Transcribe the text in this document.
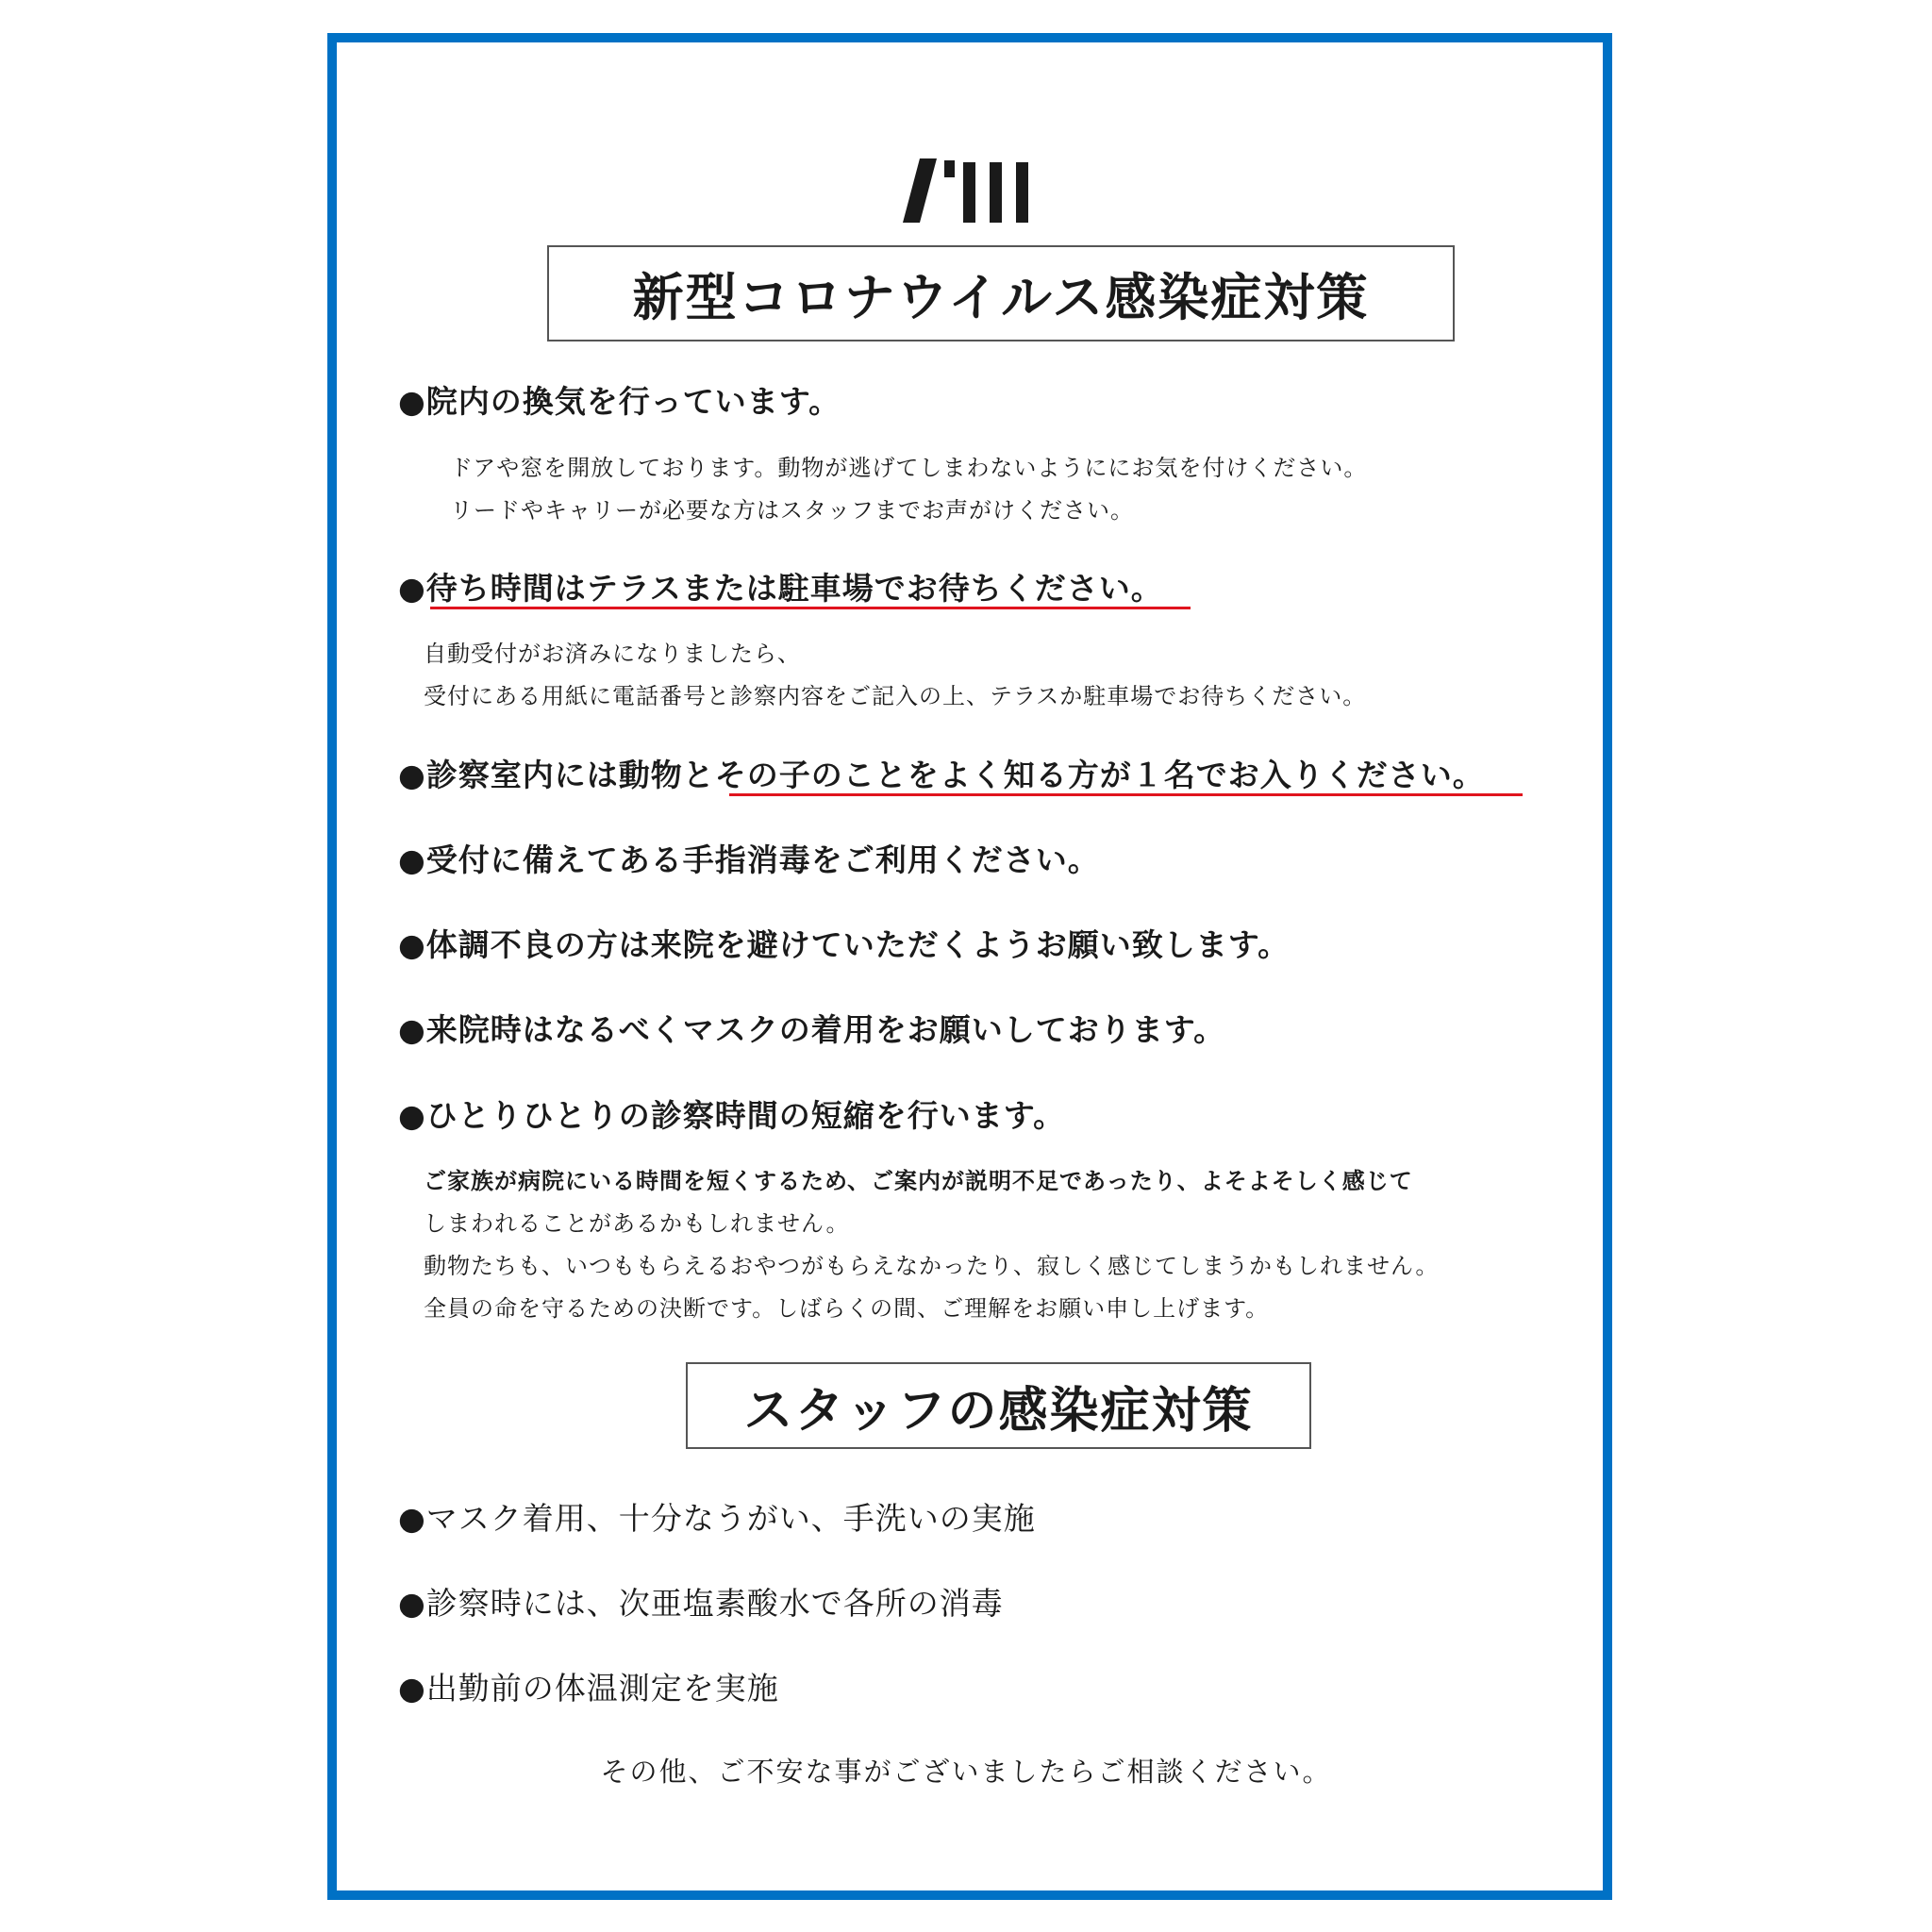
新型コロナウイルス感染症対策
●院内の換気を行っています。
ドアや窓を開放しております。動物が逃げてしまわないようににお気を付けください。
リードやキャリーが必要な方はスタッフまでお声がけください。
●待ち時間はテラスまたは駐車場でお待ちください。
自動受付がお済みになりましたら、
受付にある用紙に電話番号と診察内容をご記入の上、テラスか駐車場でお待ちください。
●診察室内には動物とその子のことをよく知る方が１名でお入りください。
●受付に備えてある手指消毒をご利用ください。
●体調不良の方は来院を避けていただくようお願い致します。
●来院時はなるべくマスクの着用をお願いしております。
●ひとりひとりの診察時間の短縮を行います。
ご家族が病院にいる時間を短くするため、ご案内が説明不足であったり、よそよそしく感じて
しまわれることがあるかもしれません。
動物たちも、いつももらえるおやつがもらえなかったり、寂しく感じてしまうかもしれません。
全員の命を守るための決断です。しばらくの間、ご理解をお願い申し上げます。
スタッフの感染症対策
●マスク着用、十分なうがい、手洗いの実施
●診察時には、次亜塩素酸水で各所の消毒
●出勤前の体温測定を実施
その他、ご不安な事がございましたらご相談ください。
